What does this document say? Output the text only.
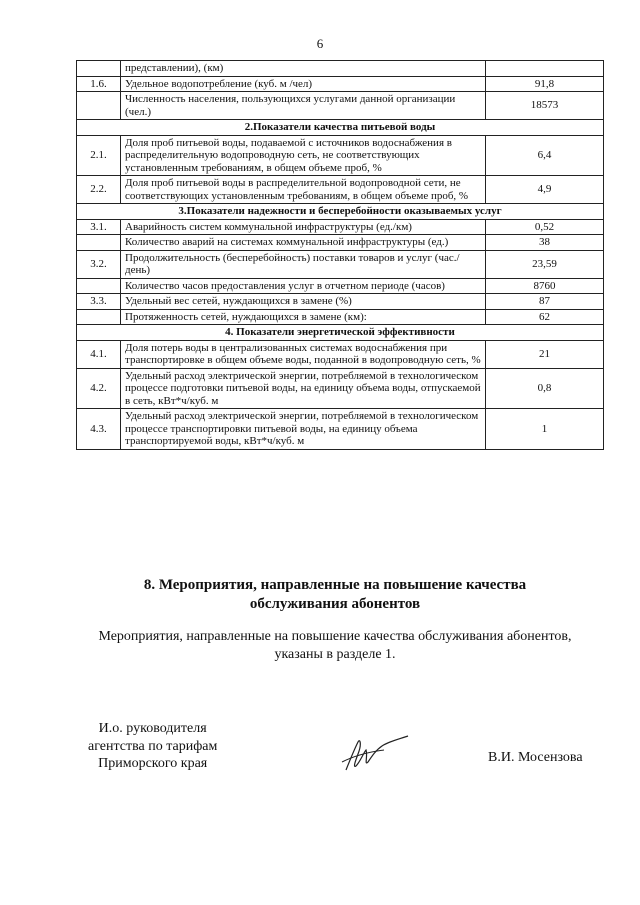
6
	представлении), (км)	
1.6.	Удельное водопотребление (куб. м /чел)	91,8
	Численность населения, пользующихся услугами данной организации (чел.)	18573
2.Показатели качества питьевой воды		
2.1.	Доля проб питьевой воды, подаваемой с источников водоснабжения в распределительную водопроводную сеть, не соответствующих установленным требованиям, в общем объеме проб, %	6,4
2.2.	Доля проб питьевой воды в распределительной водопроводной сети, не соответствующих установленным требованиям, в общем объеме проб, %	4,9
3.Показатели надежности и бесперебойности оказываемых услуг		
3.1.	Аварийность систем коммунальной инфраструктуры (ед./км)	0,52
	Количество аварий на системах коммунальной инфраструктуры (ед.)	38
3.2.	Продолжительность (бесперебойность) поставки товаров и услуг (час./день)	23,59
	Количество часов предоставления услуг в отчетном периоде (часов)	8760
3.3.	Удельный вес сетей, нуждающихся в замене (%)	87
	Протяженность сетей, нуждающихся в замене (км):	62
4. Показатели энергетической эффективности		
4.1.	Доля потерь воды в централизованных системах водоснабжения при транспортировке в общем объеме воды, поданной в водопроводную сеть, %	21
4.2.	Удельный расход электрической энергии, потребляемой в технологическом процессе подготовки питьевой воды, на единицу объема воды, отпускаемой в сеть, кВт*ч/куб. м	0,8
4.3.	Удельный расход электрической энергии, потребляемой в технологическом процессе транспортировки питьевой воды, на единицу объема транспортируемой воды, кВт*ч/куб. м	1
8. Мероприятия, направленные на повышение качества
обслуживания абонентов
Мероприятия, направленные на повышение качества обслуживания абонентов,
указаны в разделе 1.
И.о. руководителя
агентства по тарифам
Приморского края	В.И. Мосензова
